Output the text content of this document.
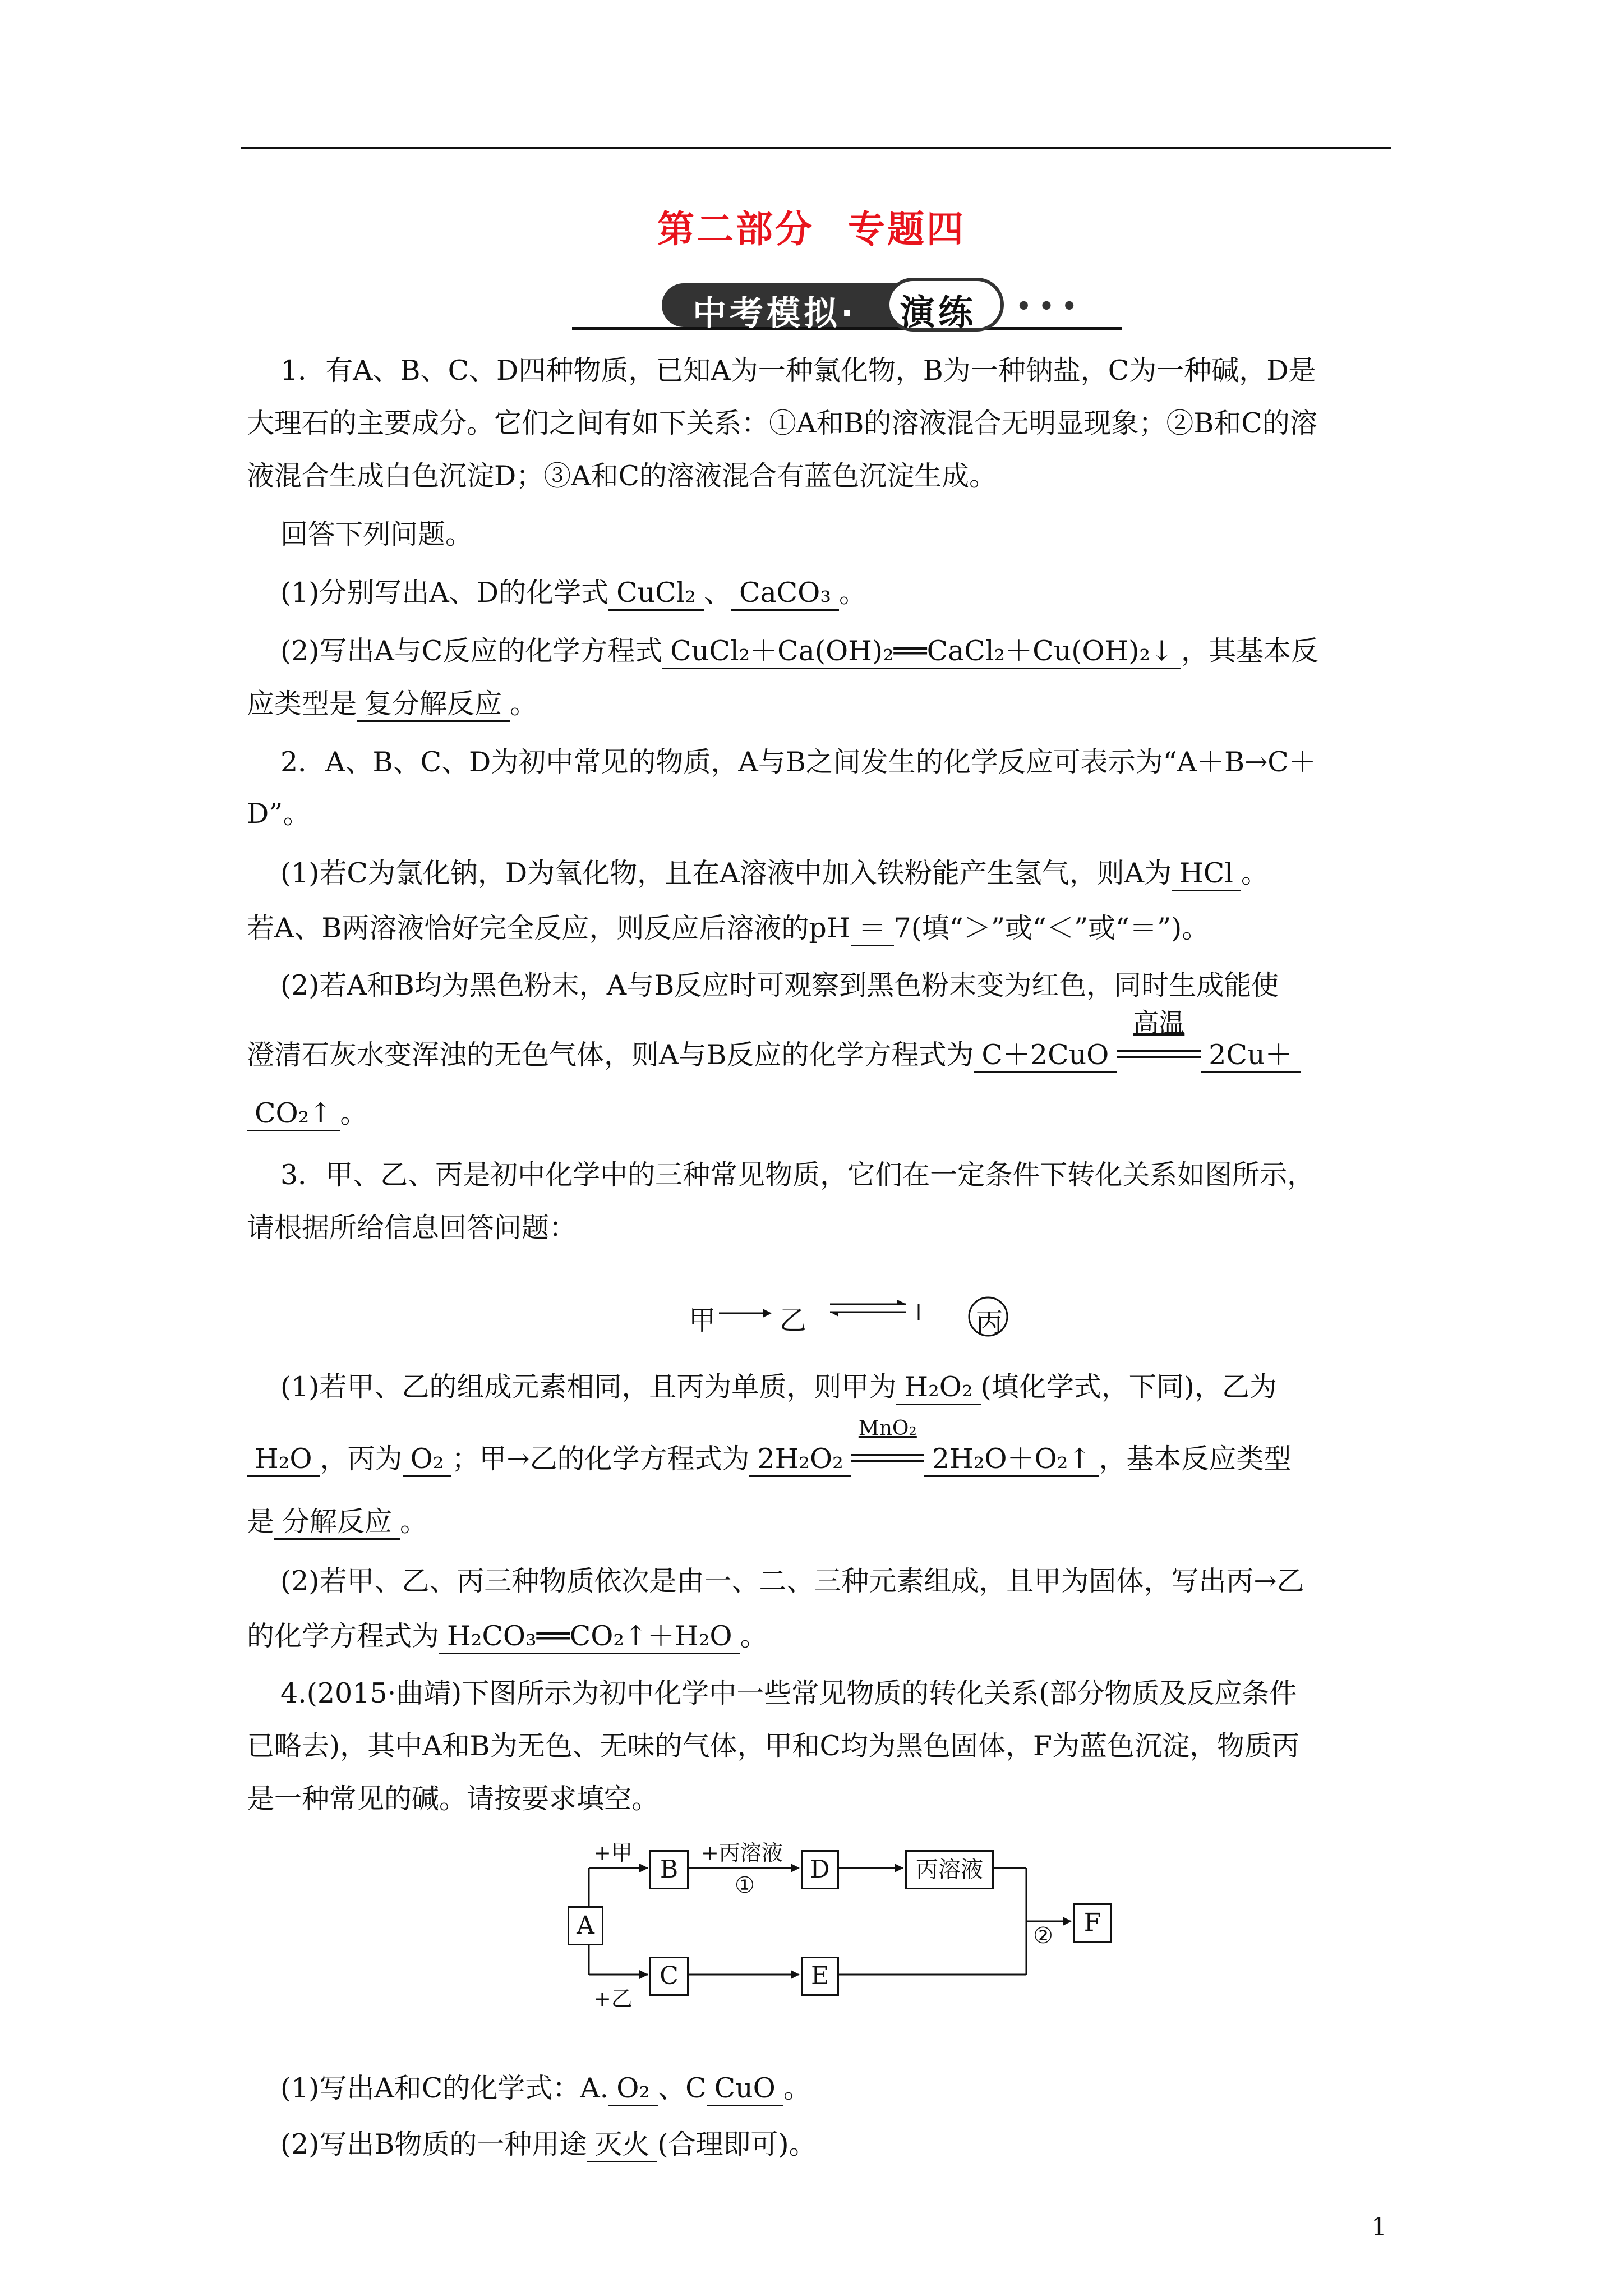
第二部分 专题四
中考模拟· 演练 •••
1．有A、B、C、D四种物质，已知A为一种氯化物，B为一种钠盐，C为一种碱，D是
大理石的主要成分。它们之间有如下关系：①A和B的溶液混合无明显现象；②B和C的溶
液混合生成白色沉淀D；③A和C的溶液混合有蓝色沉淀生成。
回答下列问题。
(1)分别写出A、D的化学式 CuCl₂ 、 CaCO₃ 。
(2)写出A与C反应的化学方程式 CuCl₂＋Ca(OH)₂══CaCl₂＋Cu(OH)₂↓ ，其基本反
应类型是 复分解反应 。
2．A、B、C、D为初中常见的物质，A与B之间发生的化学反应可表示为“A＋B→C＋
D”。
(1)若C为氯化钠，D为氧化物，且在A溶液中加入铁粉能产生氢气，则A为 HCl 。
若A、B两溶液恰好完全反应，则反应后溶液的pH ＝ 7(填“＞”或“＜”或“＝”)。
(2)若A和B均为黑色粉末，A与B反应时可观察到黑色粉末变为红色，同时生成能使
澄清石灰水变浑浊的无色气体，则A与B反应的化学方程式为 C＋2CuO
高温
2Cu＋
CO₂↑ 。
3．甲、乙、丙是初中化学中的三种常见物质，它们在一定条件下转化关系如图所示，
请根据所给信息回答问题：
甲 乙	丙
(1)若甲、乙的组成元素相同，且丙为单质，则甲为 H₂O₂ (填化学式，下同)，乙为
H₂O ，丙为 O₂ ；甲→乙的化学方程式为 2H₂O₂
MnO₂
2H₂O＋O₂↑ ，基本反应类型
是 分解反应 。
(2)若甲、乙、丙三种物质依次是由一、二、三种元素组成，且甲为固体，写出丙→乙
的化学方程式为 H₂CO₃══CO₂↑＋H₂O 。
4.(2015·曲靖)下图所示为初中化学中一些常见物质的转化关系(部分物质及反应条件
已略去)，其中A和B为无色、无味的气体，甲和C均为黑色固体，F为蓝色沉淀，物质丙
是一种常见的碱。请按要求填空。
A
B
C
D
E
丙溶液
F
+甲
+乙
+丙溶液
①
②
(1)写出A和C的化学式：A. O₂ 、C CuO 。
(2)写出B物质的一种用途 灭火 (合理即可)。
1
